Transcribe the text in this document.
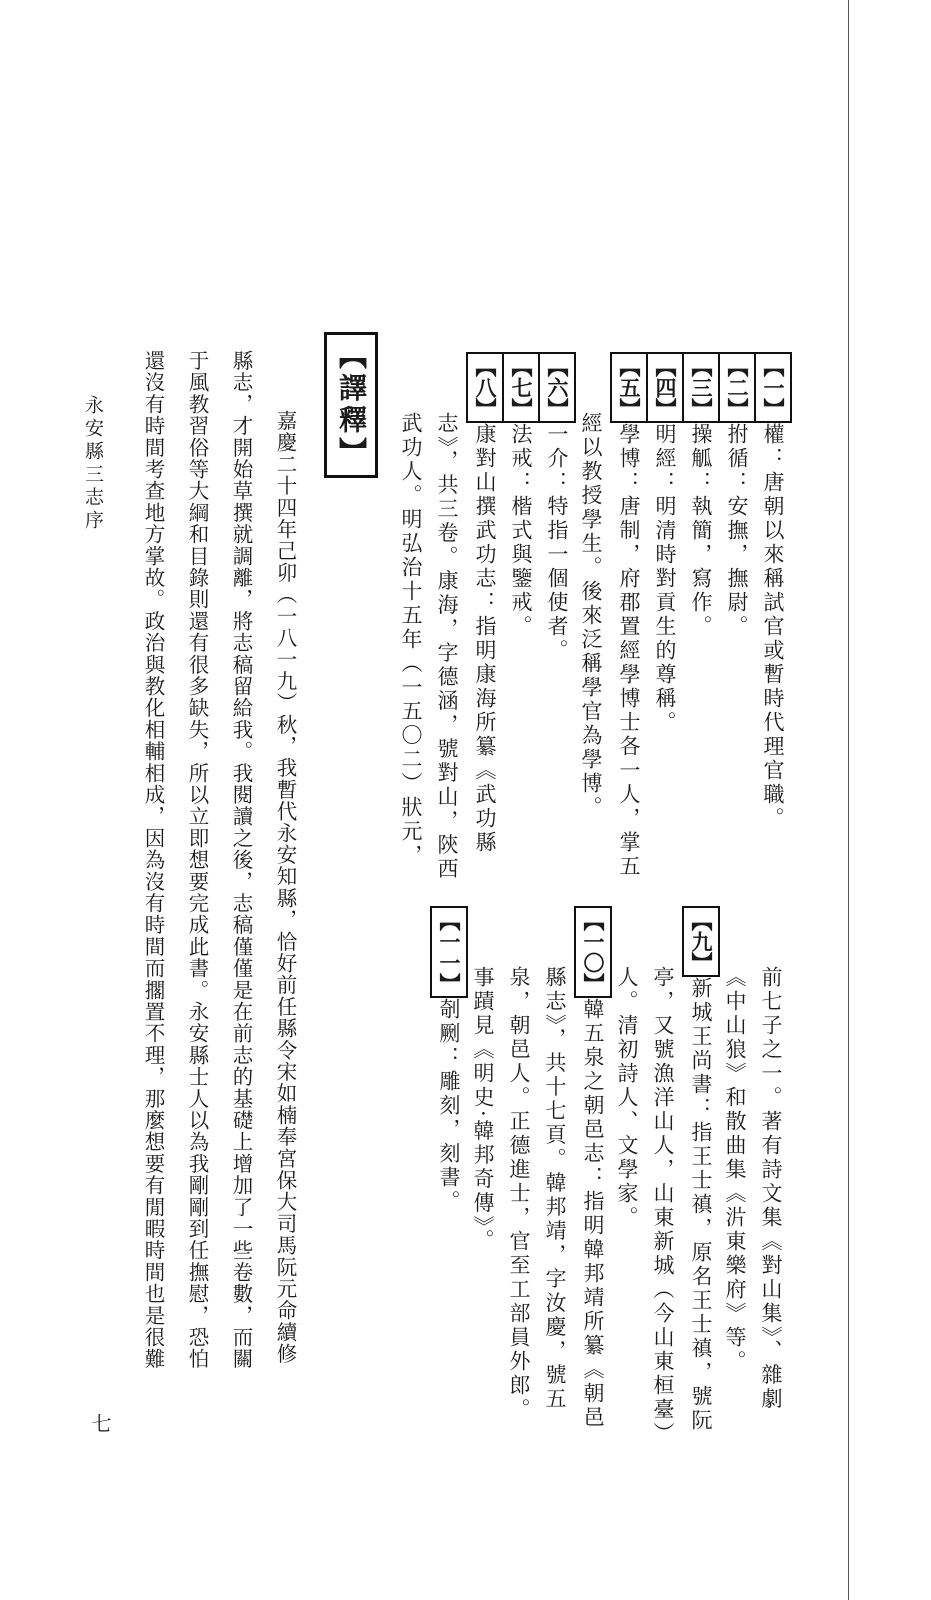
【一】權：唐朝以來稱試官或暫時代理官職。
【二】拊循：安撫，撫尉。
【三】操觚：執簡，寫作。
【四】明經：明清時對貢生的尊稱。
【五】學博：唐制，府郡置經學博士各一人，掌五
經以教授學生。後來泛稱學官為學博。
【六】一介：特指一個使者。
【七】法戒：楷式與鑒戒。
【八】康對山撰武功志：指明康海所纂《武功縣
志》，共三卷。康海，字德涵，號對山，陝西
武功人。明弘治十五年（一五〇二）狀元，
前七子之一。著有詩文集《對山集》、雜劇
《中山狼》和散曲集《沜東樂府》等。
【九】新城王尚書：指王士禛，原名王士禛，號阮
亭，又號漁洋山人，山東新城（今山東桓臺）
人。清初詩人、文學家。
【一〇】韓五泉之朝邑志：指明韓邦靖所纂《朝邑
縣志》，共十七頁。韓邦靖，字汝慶，號五
泉，朝邑人。正德進士，官至工部員外郎。
事蹟見《明史·韓邦奇傳》。
【一一】剞劂：雕刻，刻書。
【譯釋】
嘉慶二十四年己卯（一八一九）秋，我暫代永安知縣，恰好前任縣令宋如楠奉宮保大司馬阮元命續修
縣志，才開始草撰就調離，將志稿留給我。我閱讀之後，志稿僅僅是在前志的基礎上增加了一些卷數，而關
于風教習俗等大綱和目錄則還有很多缺失，所以立即想要完成此書。永安縣士人以為我剛剛到任撫慰，恐怕
還沒有時間考查地方掌故。政治與教化相輔相成，因為沒有時間而擱置不理，那麼想要有閒暇時間也是很難
永安縣三志序
七
